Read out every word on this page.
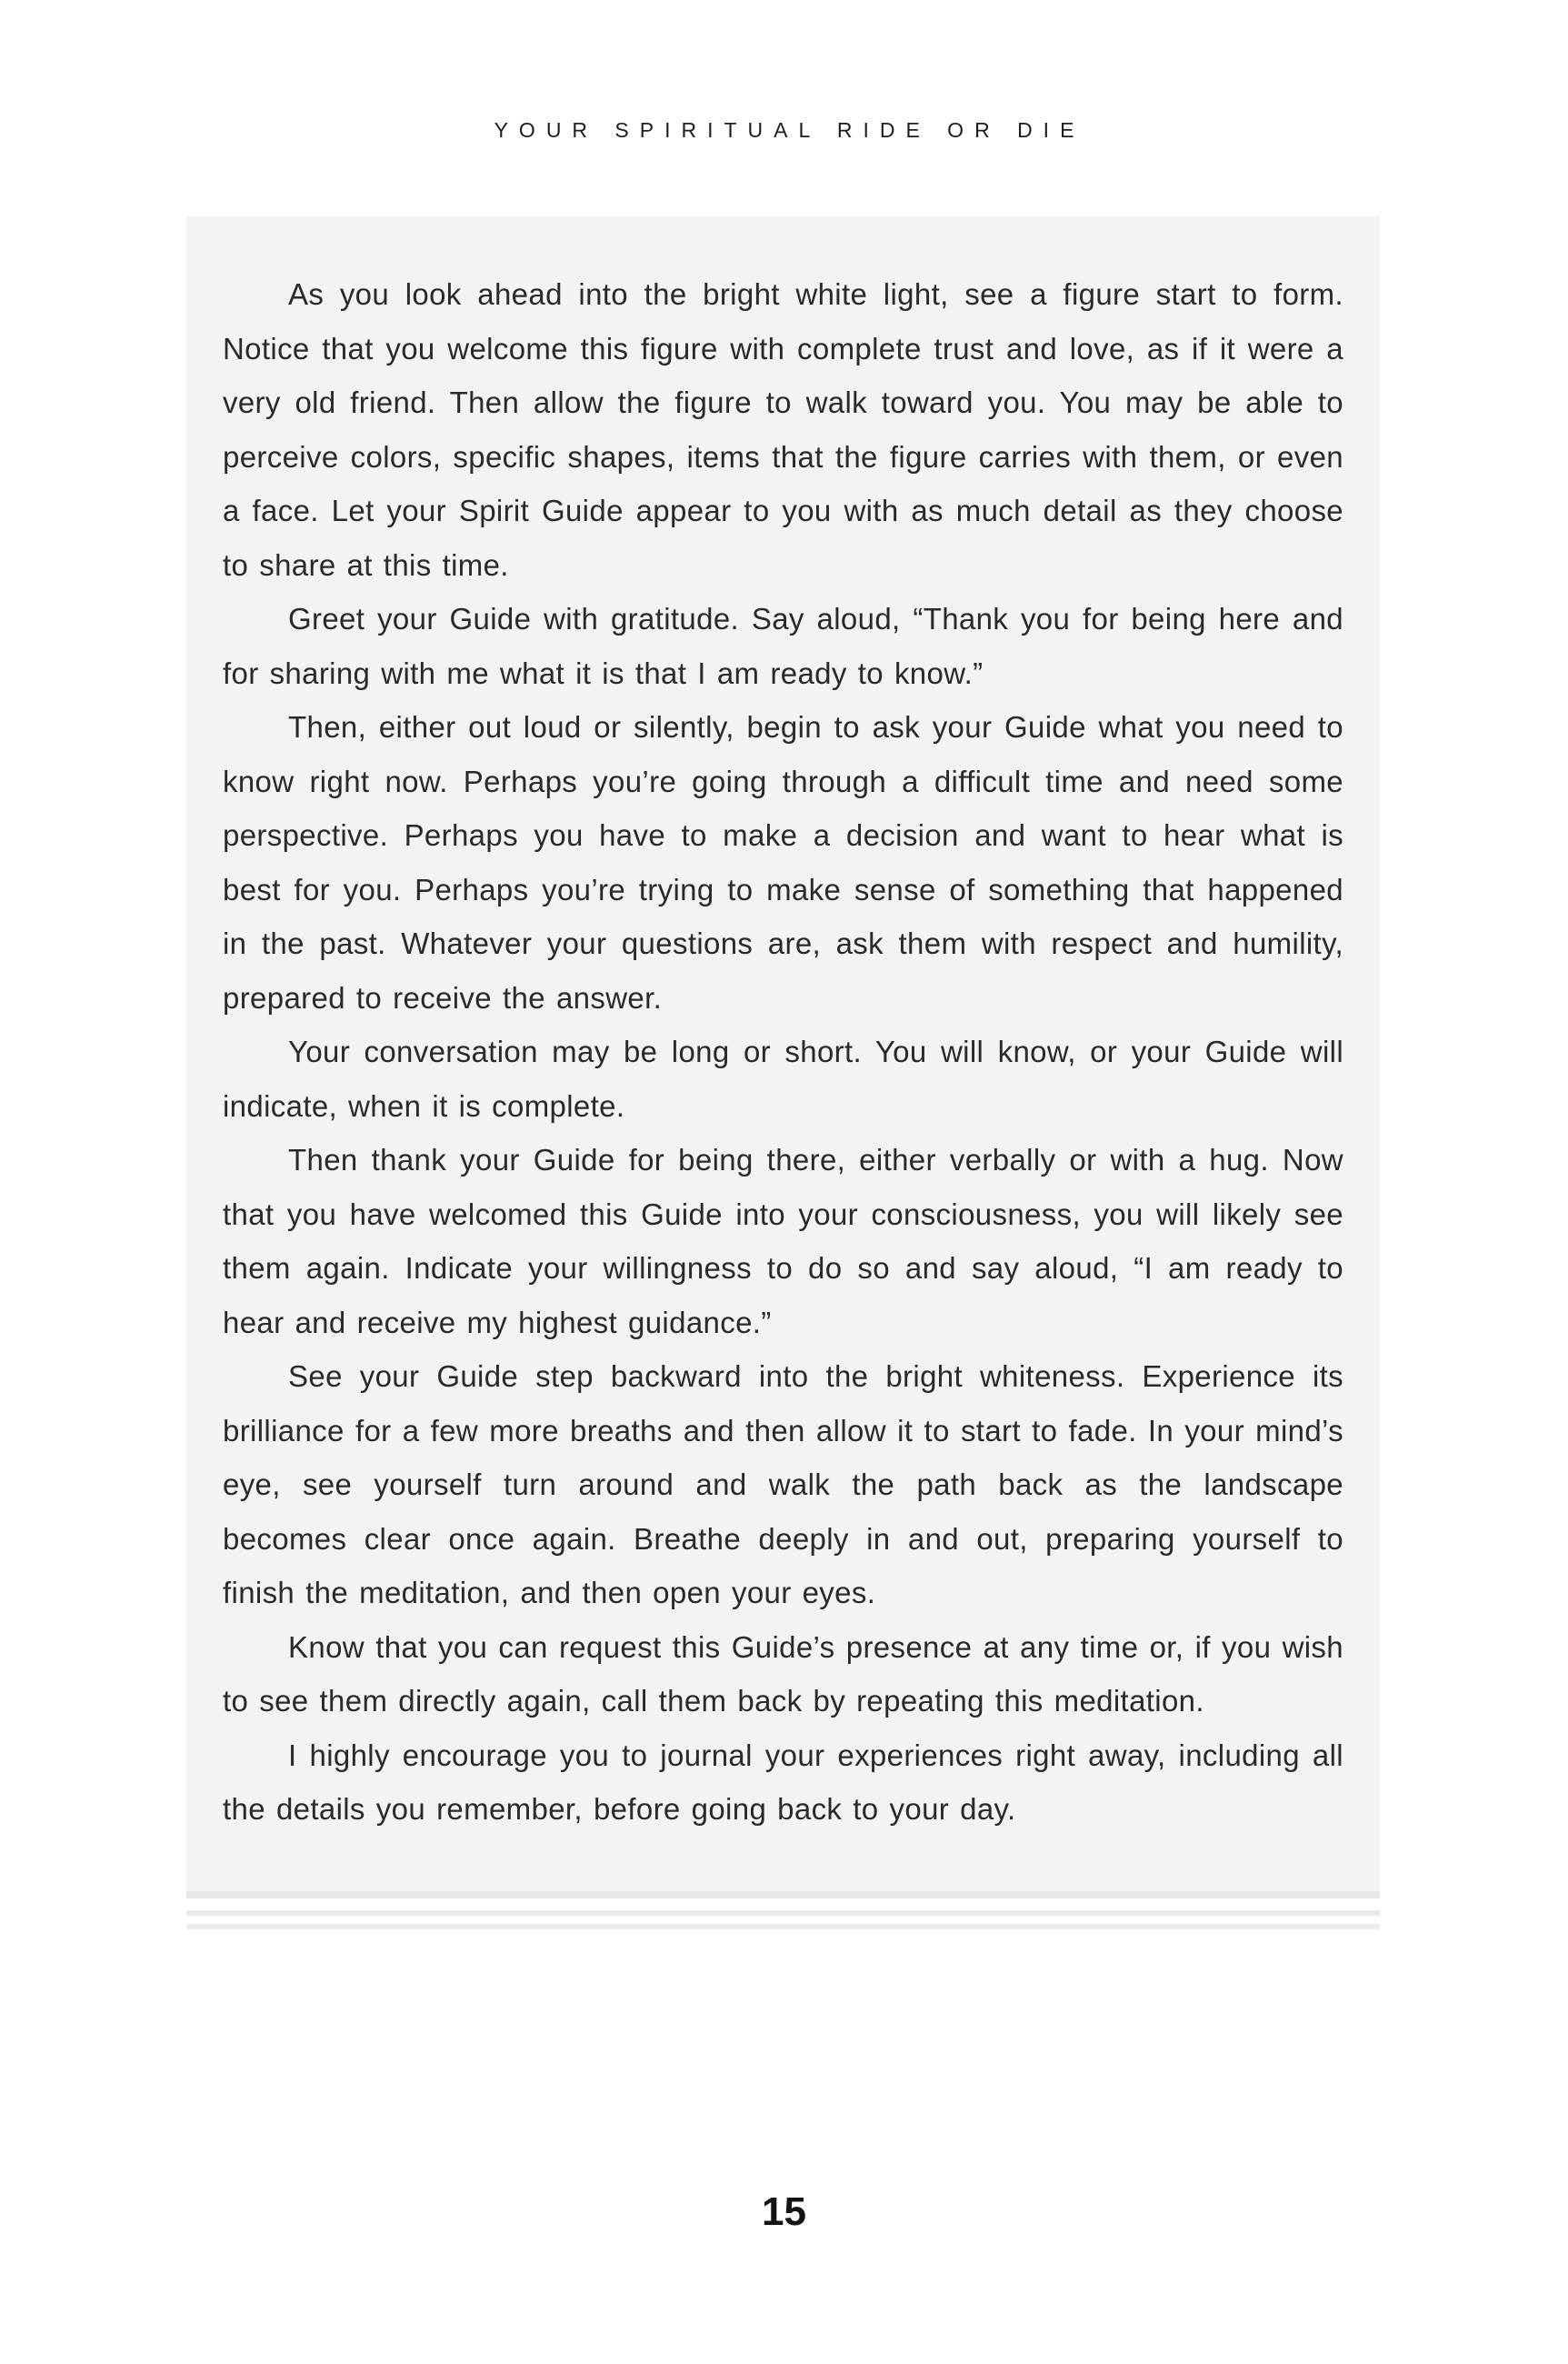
YOUR SPIRITUAL RIDE OR DIE

As you look ahead into the bright white light, see a figure start to form. Notice that you welcome this figure with complete trust and love, as if it were a very old friend. Then allow the figure to walk toward you. You may be able to perceive colors, specific shapes, items that the figure carries with them, or even a face. Let your Spirit Guide appear to you with as much detail as they choose to share at this time.

Greet your Guide with gratitude. Say aloud, “Thank you for being here and for sharing with me what it is that I am ready to know.”

Then, either out loud or silently, begin to ask your Guide what you need to know right now. Perhaps you’re going through a difficult time and need some perspective. Perhaps you have to make a decision and want to hear what is best for you. Perhaps you’re trying to make sense of something that happened in the past. Whatever your questions are, ask them with respect and humility, prepared to receive the answer.

Your conversation may be long or short. You will know, or your Guide will indicate, when it is complete.

Then thank your Guide for being there, either verbally or with a hug. Now that you have welcomed this Guide into your consciousness, you will likely see them again. Indicate your willingness to do so and say aloud, “I am ready to hear and receive my highest guidance.”

See your Guide step backward into the bright whiteness. Experience its brilliance for a few more breaths and then allow it to start to fade. In your mind’s eye, see yourself turn around and walk the path back as the landscape becomes clear once again. Breathe deeply in and out, preparing yourself to finish the meditation, and then open your eyes.

Know that you can request this Guide’s presence at any time or, if you wish to see them directly again, call them back by repeating this meditation.

I highly encourage you to journal your experiences right away, including all the details you remember, before going back to your day.

15
